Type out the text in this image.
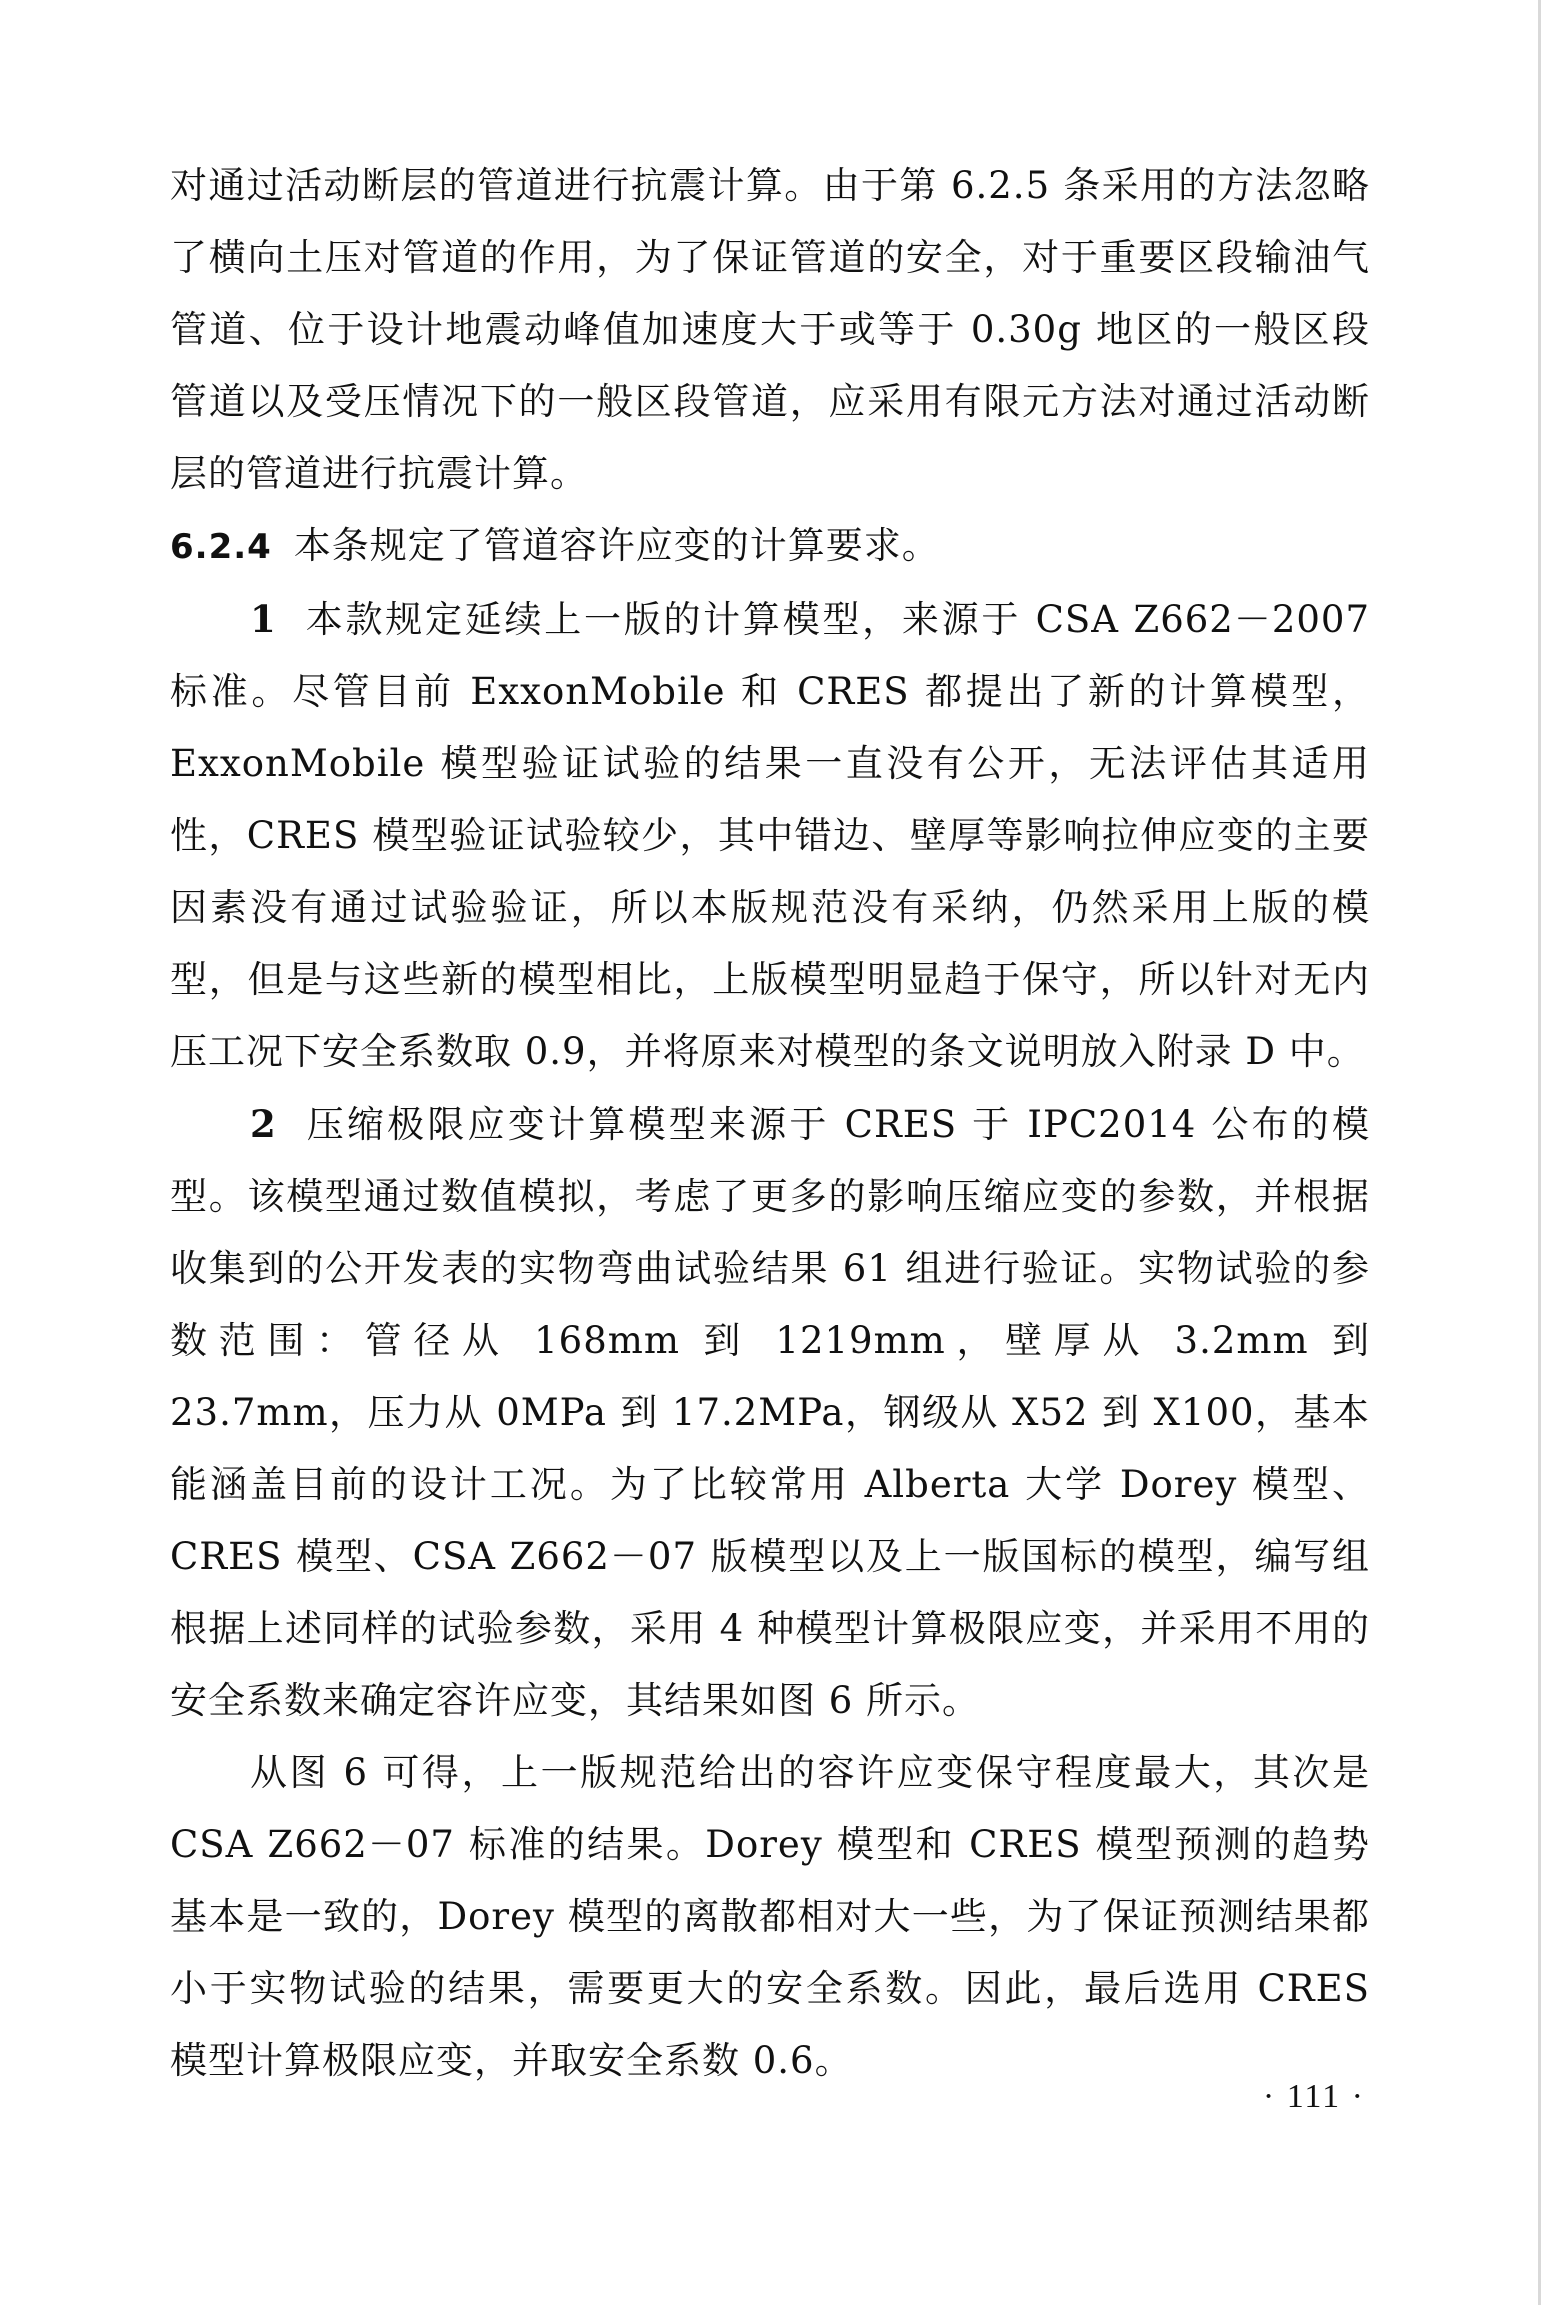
对通过活动断层的管道进行抗震计算。由于第 6.2.5 条采用的方法忽略了横向土压对管道的作用，为了保证管道的安全，对于重要区段输油气管道、位于设计地震动峰值加速度大于或等于 0.30g 地区的一般区段管道以及受压情况下的一般区段管道，应采用有限元方法对通过活动断层的管道进行抗震计算。

6.2.4 本条规定了管道容许应变的计算要求。

1 本款规定延续上一版的计算模型，来源于 CSA Z662－2007 标准。尽管目前 ExxonMobile 和 CRES 都提出了新的计算模型，ExxonMobile 模型验证试验的结果一直没有公开，无法评估其适用性，CRES 模型验证试验较少，其中错边、壁厚等影响拉伸应变的主要因素没有通过试验验证，所以本版规范没有采纳，仍然采用上版的模型，但是与这些新的模型相比，上版模型明显趋于保守，所以针对无内压工况下安全系数取 0.9，并将原来对模型的条文说明放入附录 D 中。

2 压缩极限应变计算模型来源于 CRES 于 IPC2014 公布的模型。该模型通过数值模拟，考虑了更多的影响压缩应变的参数，并根据收集到的公开发表的实物弯曲试验结果 61 组进行验证。实物试验的参数范围：管径从 168mm 到 1219mm，壁厚从 3.2mm 到 23.7mm，压力从 0MPa 到 17.2MPa，钢级从 X52 到 X100，基本能涵盖目前的设计工况。为了比较常用 Alberta 大学 Dorey 模型、CRES 模型、CSA Z662－07 版模型以及上一版国标的模型，编写组根据上述同样的试验参数，采用 4 种模型计算极限应变，并采用不用的安全系数来确定容许应变，其结果如图 6 所示。

从图 6 可得，上一版规范给出的容许应变保守程度最大，其次是 CSA Z662－07 标准的结果。Dorey 模型和 CRES 模型预测的趋势基本是一致的，Dorey 模型的离散都相对大一些，为了保证预测结果都小于实物试验的结果，需要更大的安全系数。因此，最后选用 CRES 模型计算极限应变，并取安全系数 0.6。

· 111 ·
